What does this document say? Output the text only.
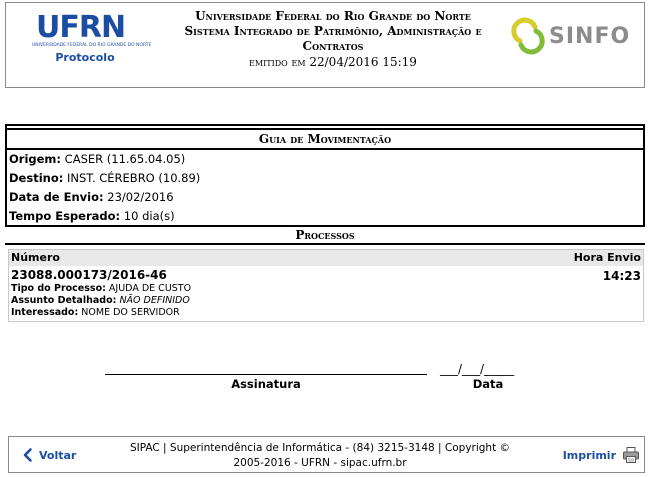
UFRN
UNIVERSIDADE FEDERAL DO RIO GRANDE DO NORTE
Protocolo
Universidade Federal do Rio Grande do Norte
Sistema Integrado de Patrimônio, Administração e
Contratos
emitido em 22/04/2016 15:19
SINFO
Guia de Movimentação
Origem: CASER (11.65.04.05)
Destino: INST. CÉREBRO (10.89)
Data de Envio: 23/02/2016
Tempo Esperado: 10 dia(s)
Processos
Número	Hora Envio
23088.000173/2016-46	14:23
Tipo do Processo: AJUDA DE CUSTO
Assunto Detalhado: NÃO DEFINIDO
Interessado: NOME DO SERVIDOR
Assinatura
___/___/_____
Data
Voltar
SIPAC | Superintendência de Informática - (84) 3215-3148 | Copyright ©
2005-2016 - UFRN - sipac.ufrn.br
Imprimir
